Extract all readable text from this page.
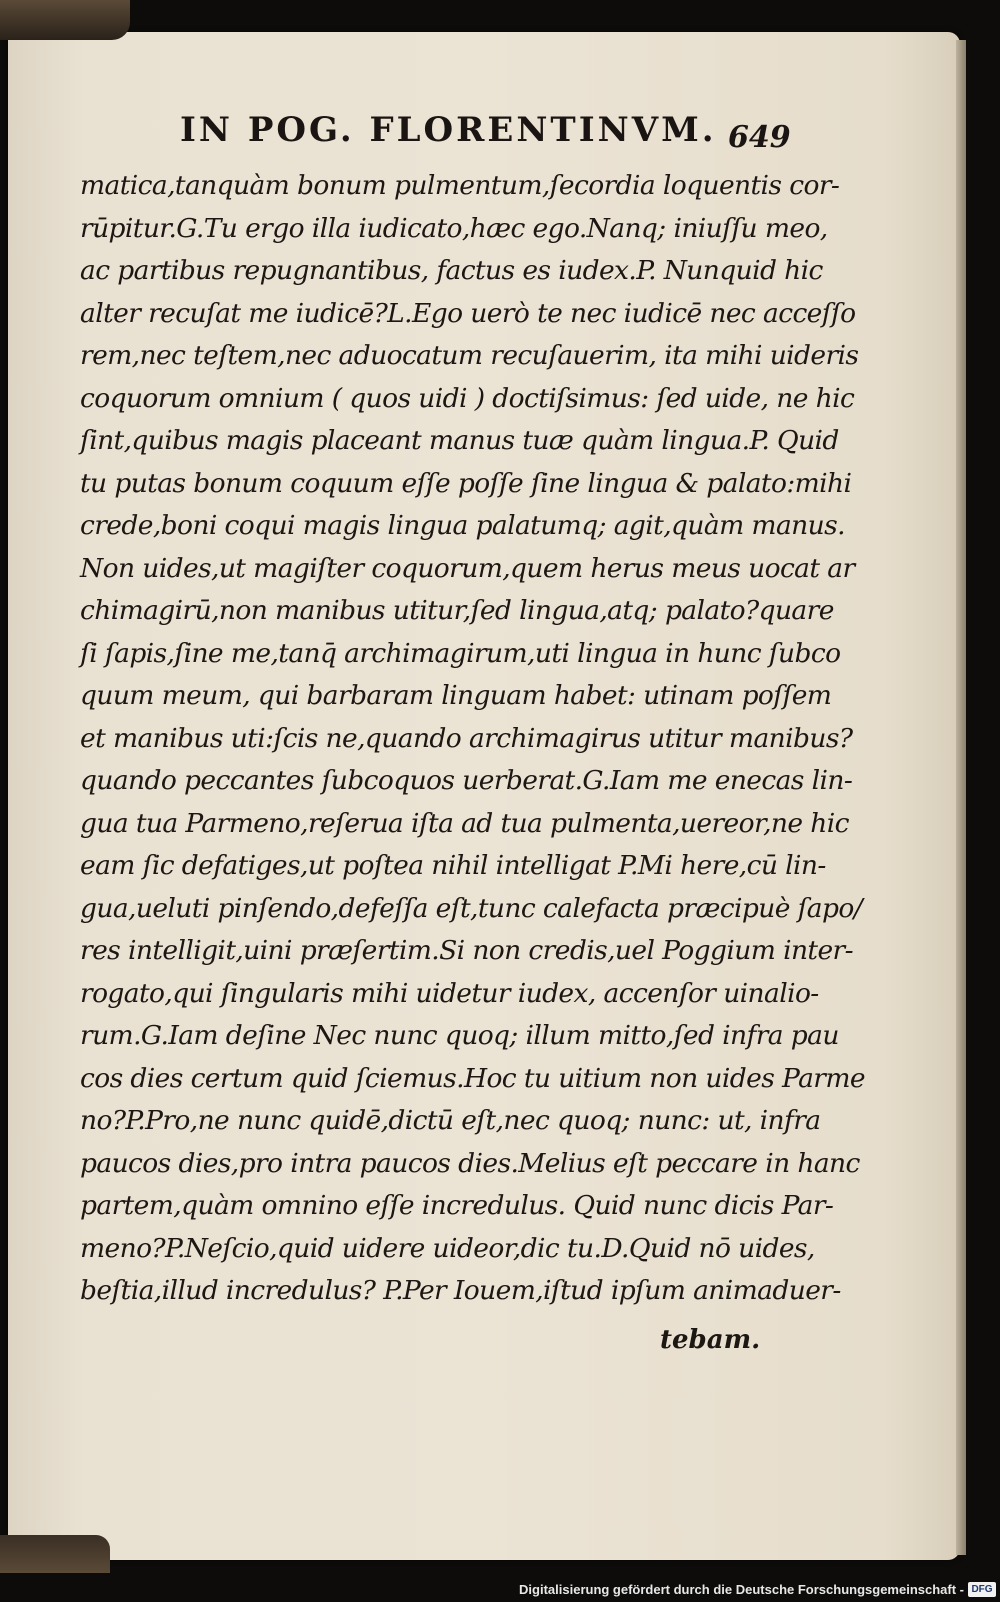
IN POG. FLORENTINVM. 649
matica,tanquàm bonum pulmentum,ſecordia loquentis cor-
rūpitur.G.Tu ergo illa iudicato,hæc ego.Nanq; iniuſſu meo,
ac partibus repugnantibus, factus es iudex.P. Nunquid hic
alter recuſat me iudicē?L.Ego uerò te nec iudicē nec acceſſo
rem,nec teſtem,nec aduocatum recuſauerim, ita mihi uideris
coquorum omnium ( quos uidi ) doctiſsimus: ſed uide, ne hic
ſint,quibus magis placeant manus tuæ quàm lingua.P. Quid
tu putas bonum coquum eſſe poſſe ſine lingua & palato:mihi
crede,boni coqui magis lingua palatumq; agit,quàm manus.
Non uides,ut magiſter coquorum,quem herus meus uocat ar
chimagirū,non manibus utitur,ſed lingua,atq; palato?quare
ſi ſapis,ſine me,tanq̄ archimagirum,uti lingua in hunc ſubco
quum meum, qui barbaram linguam habet: utinam poſſem
et manibus uti:ſcis ne,quando archimagirus utitur manibus?
quando peccantes ſubcoquos uerberat.G.Iam me enecas lin-
gua tua Parmeno,reſerua iſta ad tua pulmenta,uereor,ne hic
eam ſic defatiges,ut poſtea nihil intelligat P.Mi here,cū lin-
gua,ueluti pinſendo,defeſſa eſt,tunc calefacta præcipuè ſapo/
res intelligit,uini præſertim.Si non credis,uel Poggium inter-
rogato,qui ſingularis mihi uidetur iudex, accenſor uinalio-
rum.G.Iam deſine Nec nunc quoq; illum mitto,ſed infra pau
cos dies certum quid ſciemus.Hoc tu uitium non uides Parme
no?P.Pro,ne nunc quidē,dictū eſt,nec quoq; nunc: ut, infra
paucos dies,pro intra paucos dies.Melius eſt peccare in hanc
partem,quàm omnino eſſe incredulus. Quid nunc dicis Par-
meno?P.Neſcio,quid uidere uideor,dic tu.D.Quid nō uides,
beſtia,illud incredulus? P.Per Iouem,iſtud ipſum animaduer-
tebam.
Digitalisierung gefördert durch die Deutsche Forschungsgemeinschaft - DFG
